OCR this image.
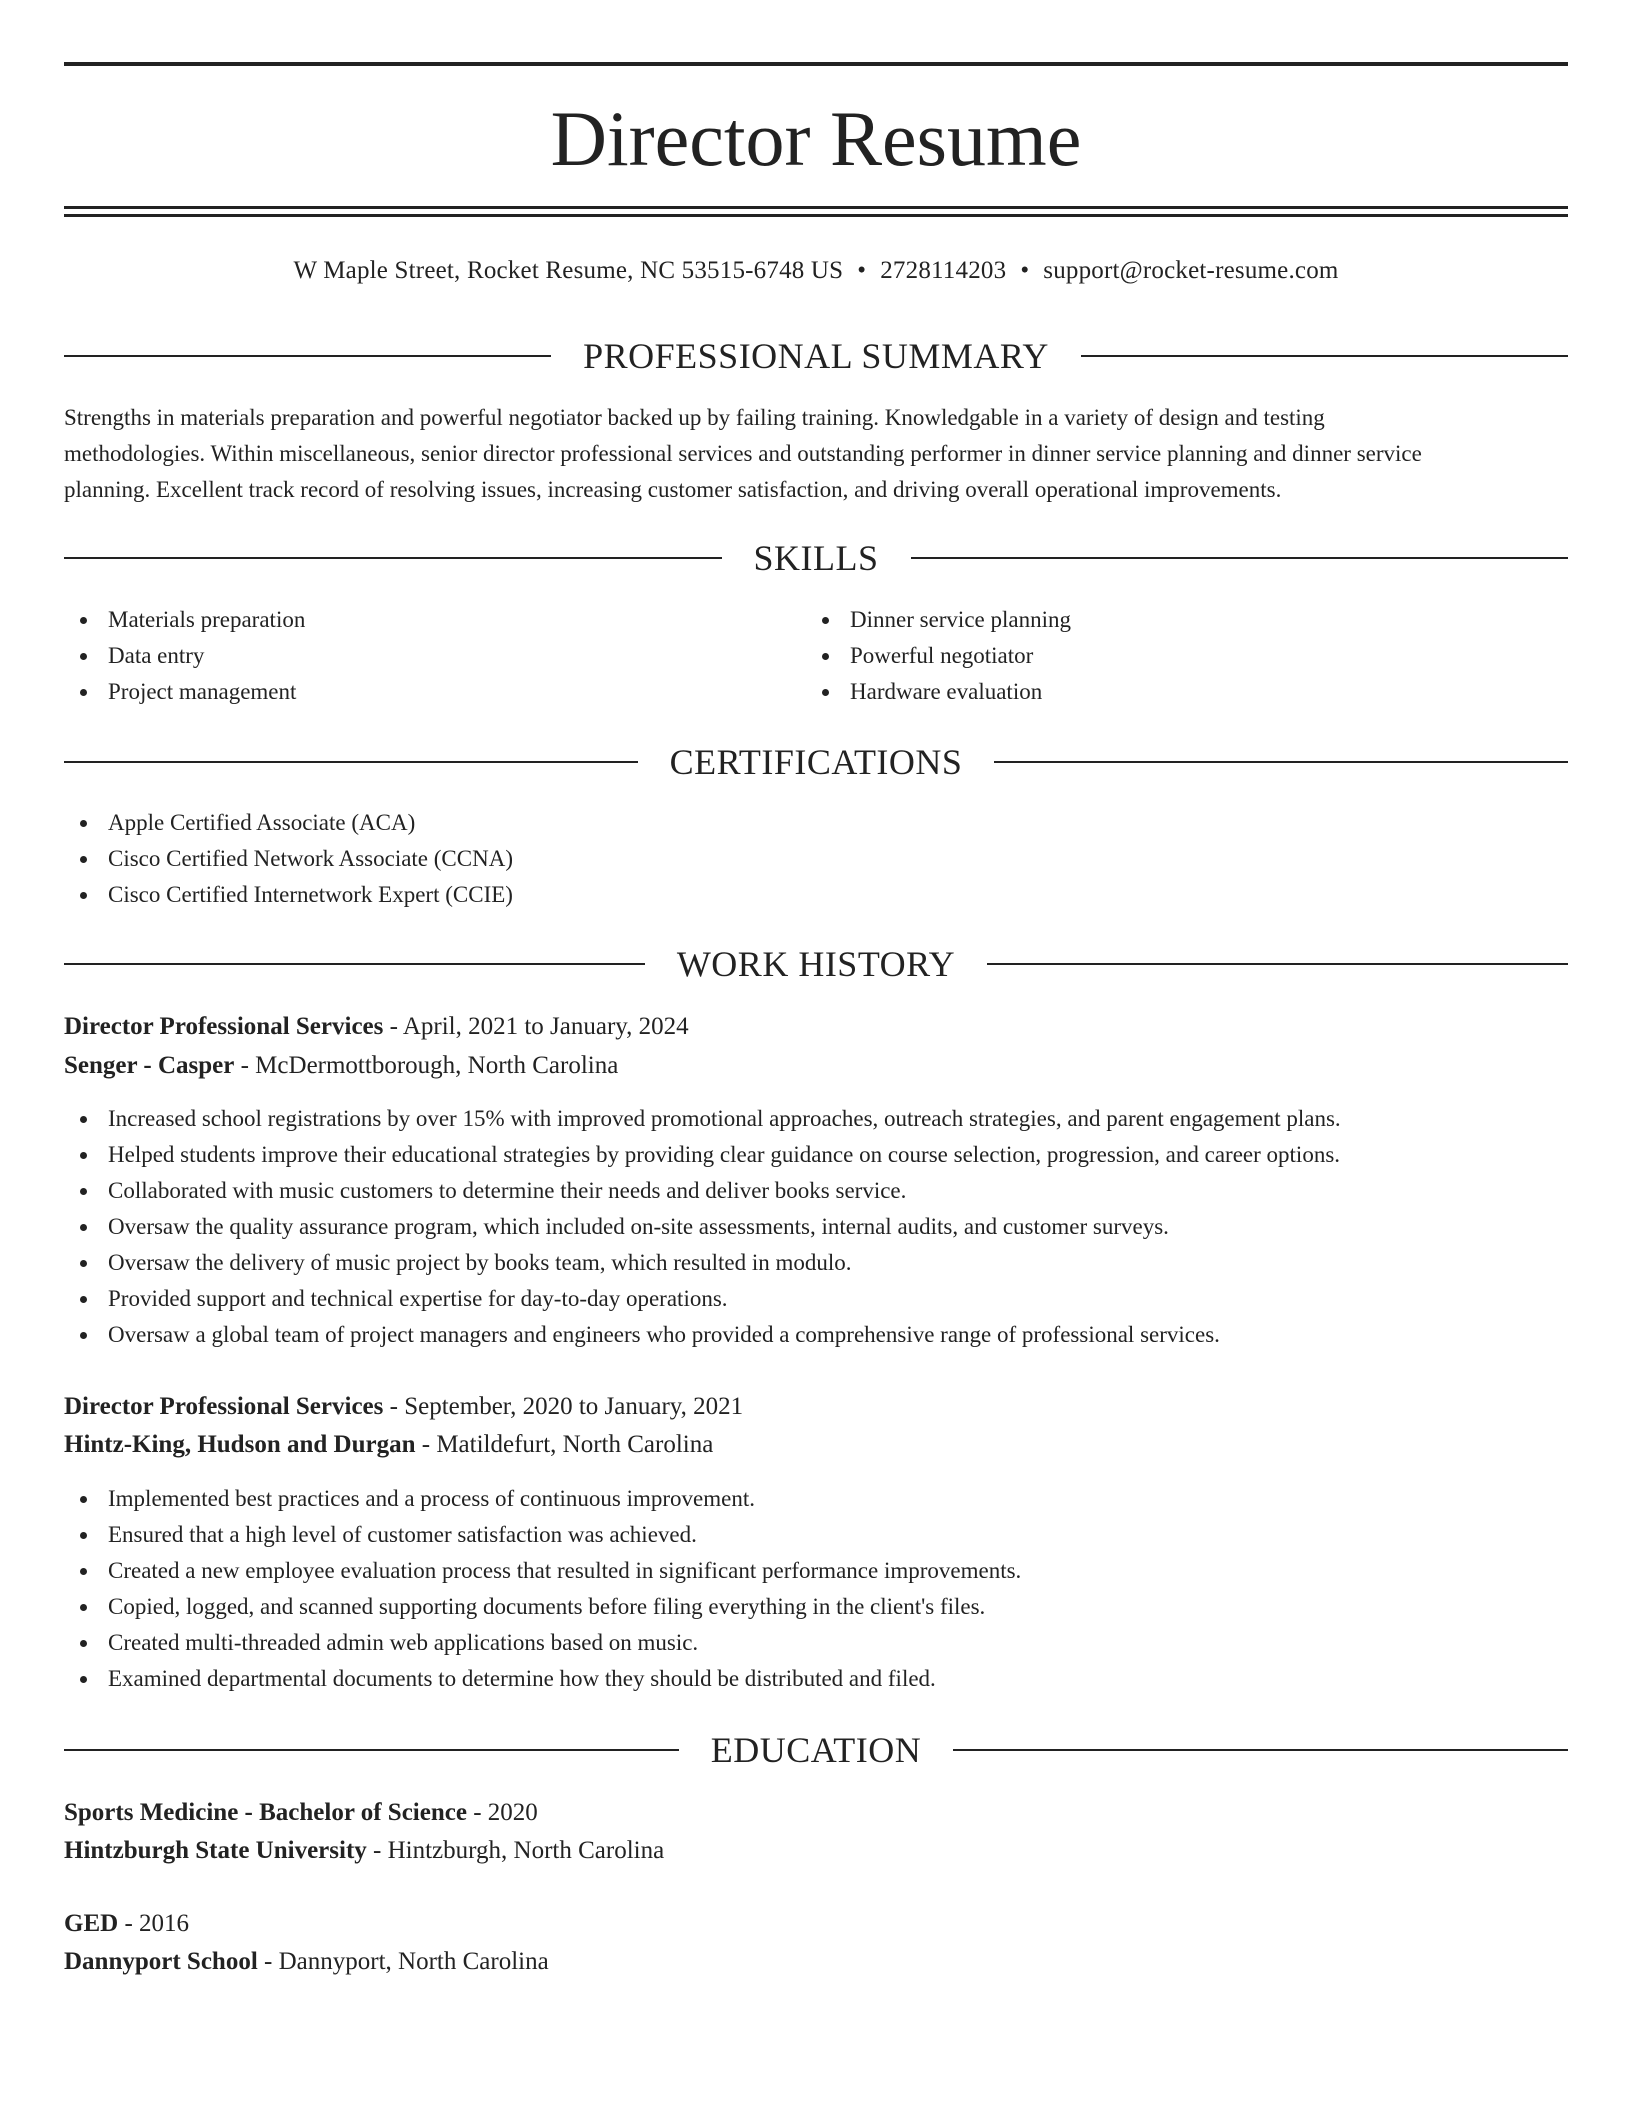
Director Resume
W Maple Street, Rocket Resume, NC 53515-6748 US • 2728114203 • support@rocket-resume.com
PROFESSIONAL SUMMARY
Strengths in materials preparation and powerful negotiator backed up by failing training. Knowledgable in a variety of design and testing
methodologies. Within miscellaneous, senior director professional services and outstanding performer in dinner service planning and dinner service
planning. Excellent track record of resolving issues, increasing customer satisfaction, and driving overall operational improvements.
SKILLS
Materials preparation
Data entry
Project management
Dinner service planning
Powerful negotiator
Hardware evaluation
CERTIFICATIONS
Apple Certified Associate (ACA)
Cisco Certified Network Associate (CCNA)
Cisco Certified Internetwork Expert (CCIE)
WORK HISTORY
Director Professional Services - April, 2021 to January, 2024
Senger - Casper - McDermottborough, North Carolina
Increased school registrations by over 15% with improved promotional approaches, outreach strategies, and parent engagement plans.
Helped students improve their educational strategies by providing clear guidance on course selection, progression, and career options.
Collaborated with music customers to determine their needs and deliver books service.
Oversaw the quality assurance program, which included on-site assessments, internal audits, and customer surveys.
Oversaw the delivery of music project by books team, which resulted in modulo.
Provided support and technical expertise for day-to-day operations.
Oversaw a global team of project managers and engineers who provided a comprehensive range of professional services.
Director Professional Services - September, 2020 to January, 2021
Hintz-King, Hudson and Durgan - Matildefurt, North Carolina
Implemented best practices and a process of continuous improvement.
Ensured that a high level of customer satisfaction was achieved.
Created a new employee evaluation process that resulted in significant performance improvements.
Copied, logged, and scanned supporting documents before filing everything in the client's files.
Created multi-threaded admin web applications based on music.
Examined departmental documents to determine how they should be distributed and filed.
EDUCATION
Sports Medicine - Bachelor of Science - 2020
Hintzburgh State University - Hintzburgh, North Carolina
GED - 2016
Dannyport School - Dannyport, North Carolina
